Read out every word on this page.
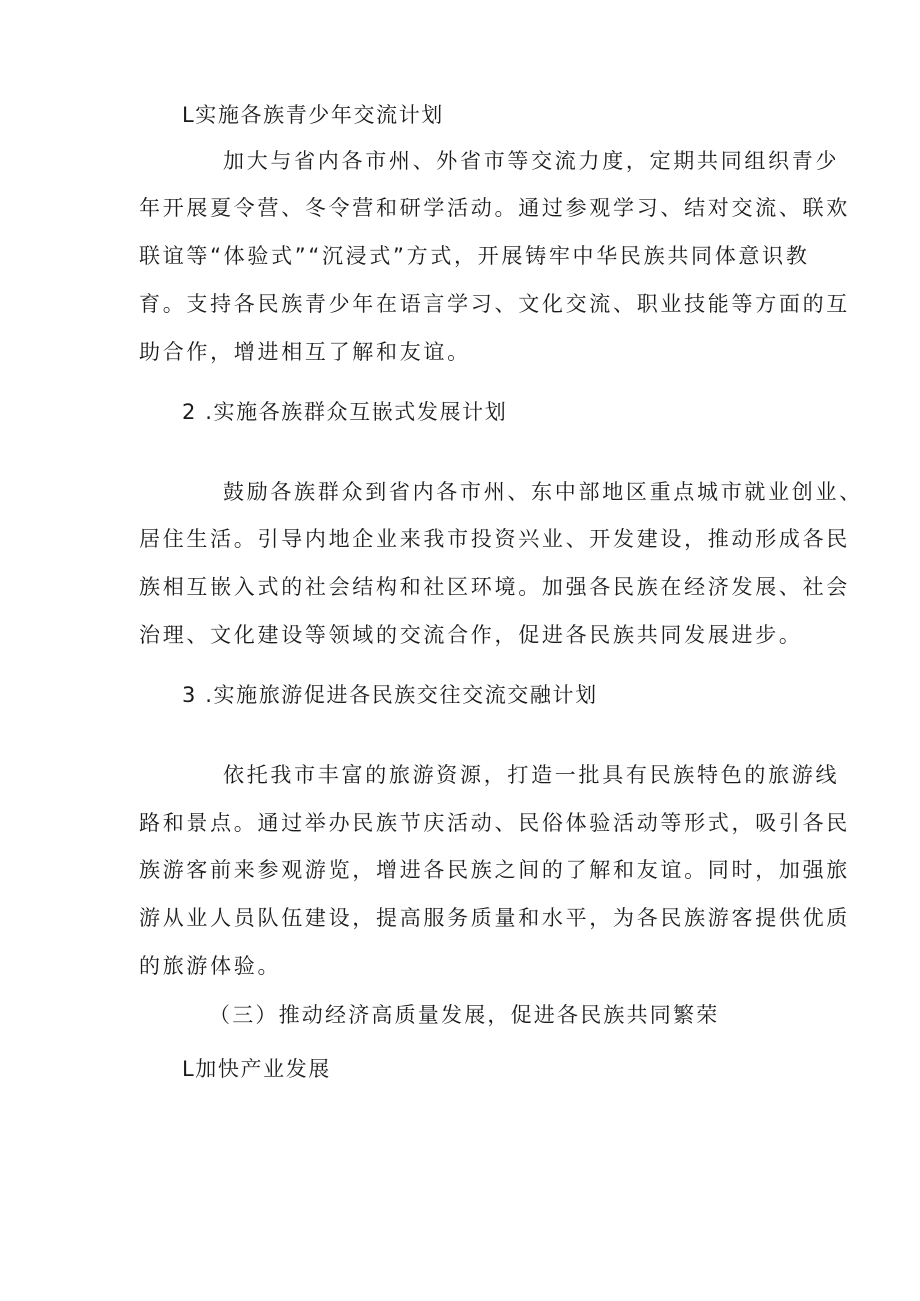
L实施各族青少年交流计划
加大与省内各市州、外省市等交流力度，定期共同组织青少
年开展夏令营、冬令营和研学活动。通过参观学习、结对交流、联欢
联谊等“体验式”“沉浸式”方式，开展铸牢中华民族共同体意识教
育。支持各民族青少年在语言学习、文化交流、职业技能等方面的互
助合作，增进相互了解和友谊。
2 .实施各族群众互嵌式发展计划
鼓励各族群众到省内各市州、东中部地区重点城市就业创业、
居住生活。引导内地企业来我市投资兴业、开发建设，推动形成各民
族相互嵌入式的社会结构和社区环境。加强各民族在经济发展、社会
治理、文化建设等领域的交流合作，促进各民族共同发展进步。
3 .实施旅游促进各民族交往交流交融计划
依托我市丰富的旅游资源，打造一批具有民族特色的旅游线
路和景点。通过举办民族节庆活动、民俗体验活动等形式，吸引各民
族游客前来参观游览，增进各民族之间的了解和友谊。同时，加强旅
游从业人员队伍建设，提高服务质量和水平，为各民族游客提供优质
的旅游体验。
（三）推动经济高质量发展，促进各民族共同繁荣
L加快产业发展
